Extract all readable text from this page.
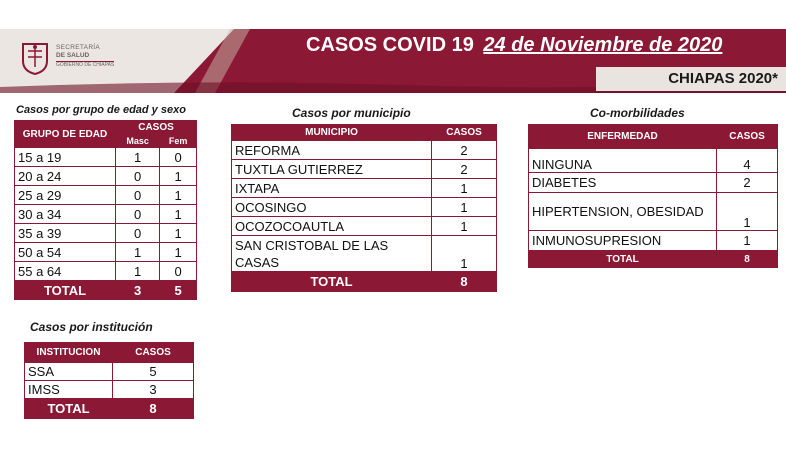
SECRETARÍA
DE SALUD
GOBIERNO DE CHIAPAS
CASOS COVID 19 24 de Noviembre de 2020
CHIAPAS 2020*
Casos por grupo de edad y sexo
GRUPO DE EDAD	CASOS	
	Masc	Fem
15 a 19	1	0
20 a 24	0	1
25 a 29	0	1
30 a 34	0	1
35 a 39	0	1
50 a 54	1	1
55 a 64	1	0
TOTAL	3	5
Casos por municipio
MUNICIPIO	CASOS
REFORMA	2
TUXTLA GUTIERREZ	2
IXTAPA	1
OCOSINGO	1
OCOZOCOAUTLA	1
SAN CRISTOBAL DE LAS CASAS	1
TOTAL	8
Co-morbilidades
ENFERMEDAD	CASOS
NINGUNA	4
DIABETES	2
HIPERTENSION, OBESIDAD	1
INMUNOSUPRESION	1
TOTAL	8
Casos por institución
INSTITUCION	CASOS
SSA	5
IMSS	3
TOTAL	8
